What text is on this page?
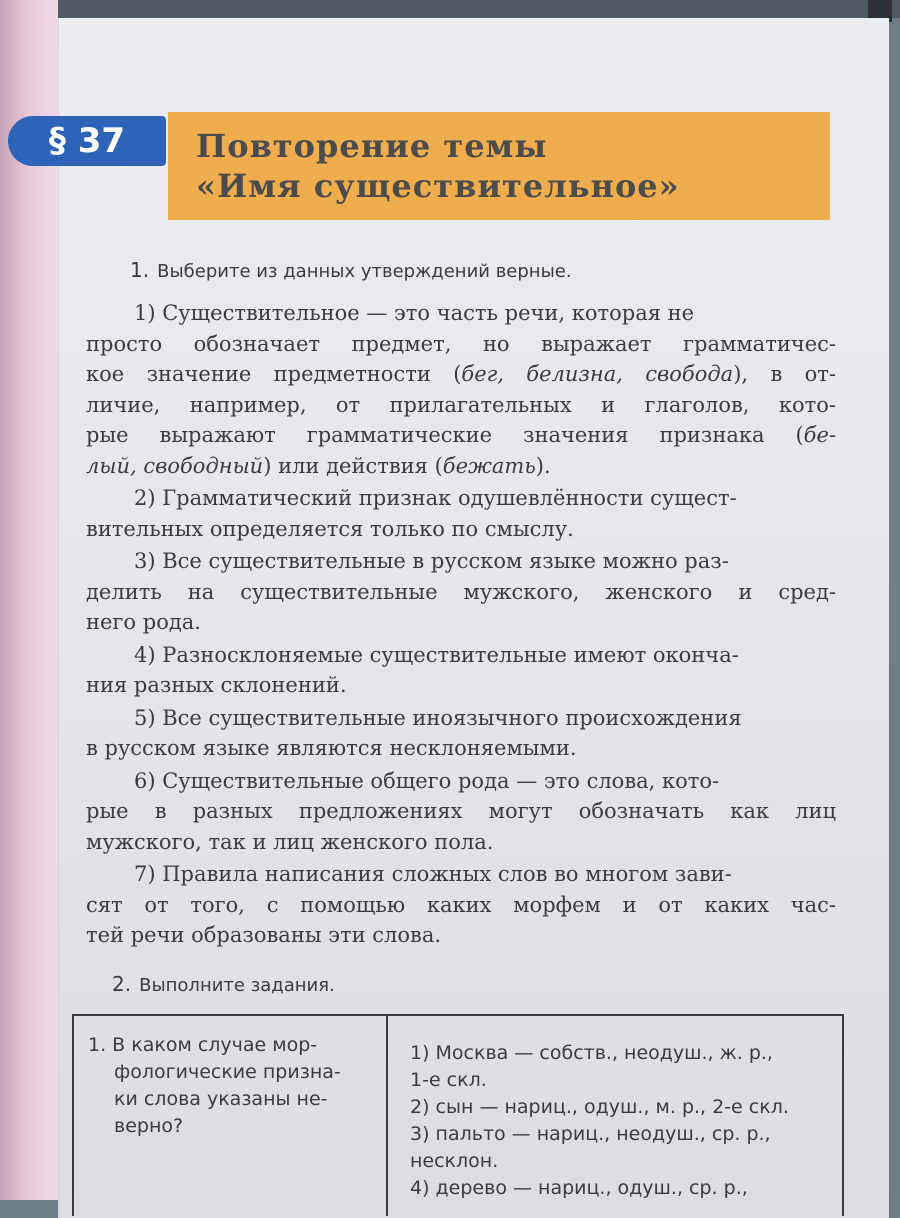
§ 37	Повторение темы
«Имя существительное»
1. Выберите из данных утверждений верные.

1) Существительное — это часть речи, которая не
просто обозначает предмет, но выражает грамматичес-
кое значение предметности (бег, белизна, свобода), в от-
личие, например, от прилагательных и глаголов, кото-
рые выражают грамматические значения признака (бе-
лый, свободный) или действия (бежать).

2) Грамматический признак одушевлённости сущест-
вительных определяется только по смыслу.

3) Все существительные в русском языке можно раз-
делить на существительные мужского, женского и сред-
него рода.

4) Разносклоняемые существительные имеют оконча-
ния разных склонений.

5) Все существительные иноязычного происхождения
в русском языке являются несклоняемыми.

6) Существительные общего рода — это слова, кото-
рые в разных предложениях могут обозначать как лиц
мужского, так и лиц женского пола.

7) Правила написания сложных слов во многом зави-
сят от того, с помощью каких морфем и от каких час-
тей речи образованы эти слова.

2. Выполните задания.
1. В каком случае мор-
фологические призна-
ки слова указаны не-
верно?
1) Москва — собств., неодуш., ж. р.,
1-е скл.
2) сын — нариц., одуш., м. р., 2-е скл.
3) пальто — нариц., неодуш., ср. р.,
несклон.
4) дерево — нариц., одуш., ср. р.,
